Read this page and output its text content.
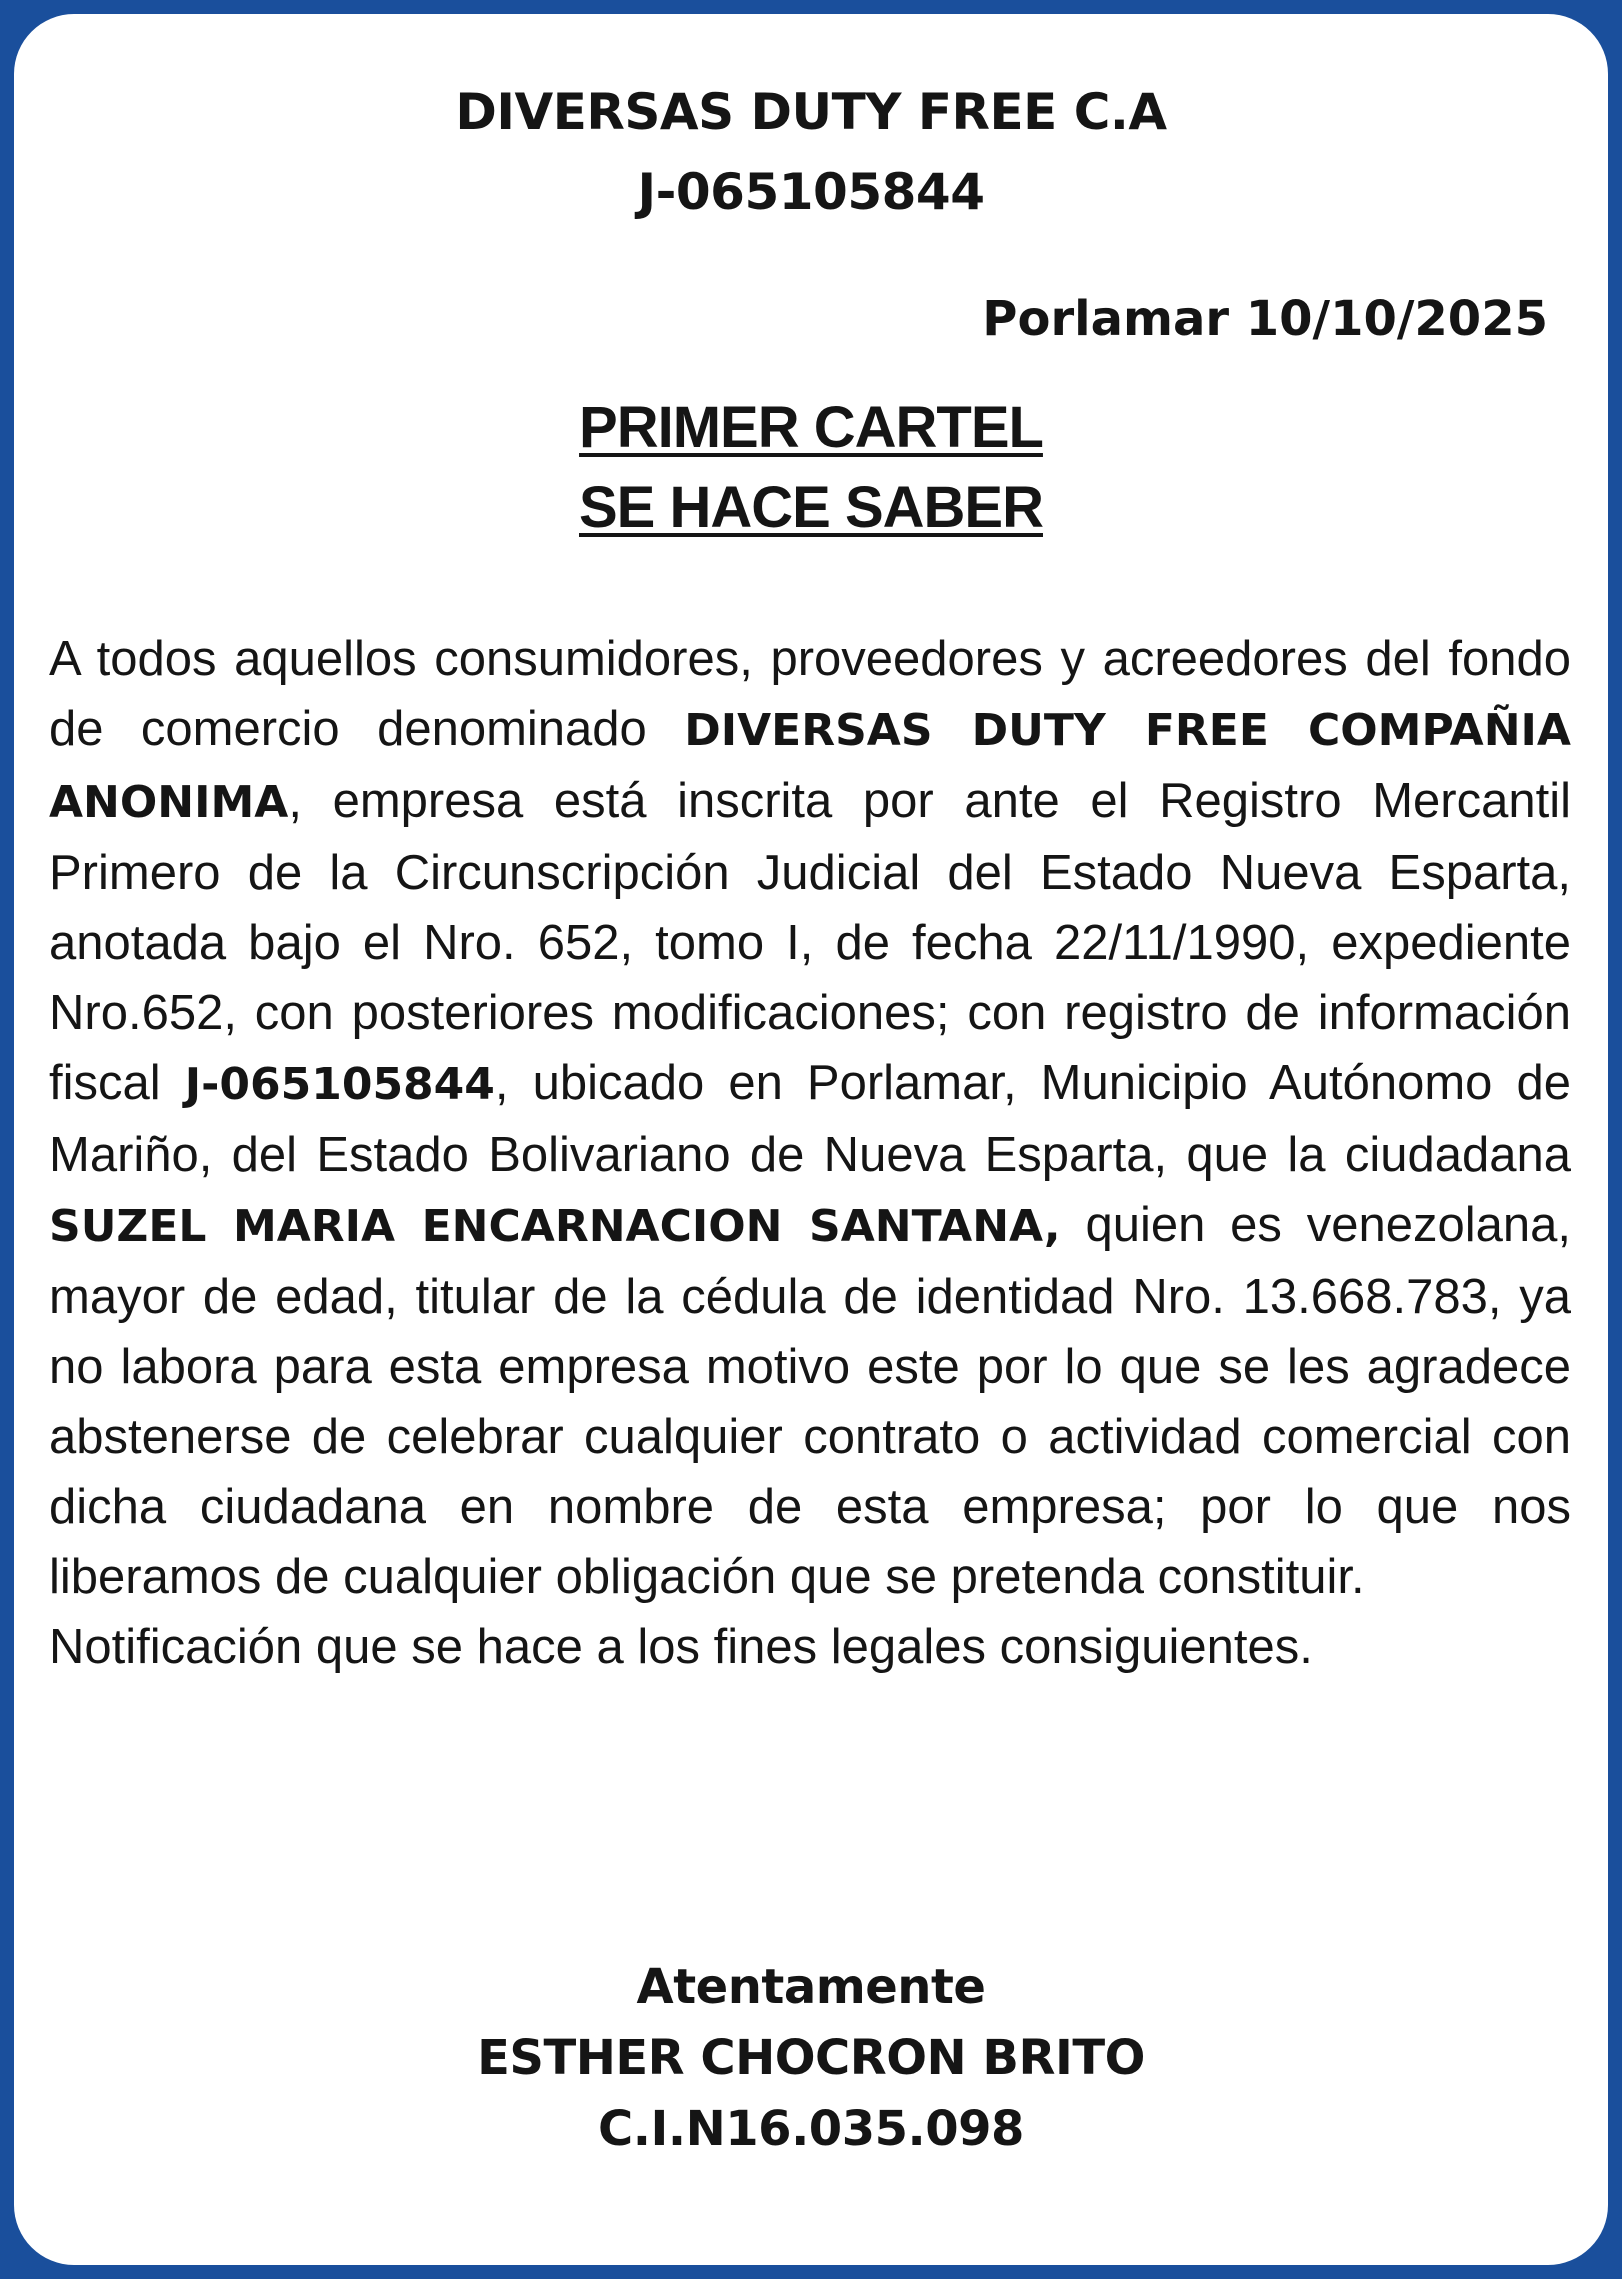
DIVERSAS DUTY FREE C.A
J-065105844
Porlamar 10/10/2025
PRIMER CARTEL
SE HACE SABER

A todos aquellos consumidores, proveedores y acreedores del fondo de comercio denominado DIVERSAS DUTY FREE COMPAÑIA ANONIMA, empresa está inscrita por ante el Registro Mercantil Primero de la Circunscripción Judicial del Estado Nueva Esparta, anotada bajo el Nro. 652, tomo I, de fecha 22/11/1990, expediente Nro.652, con posteriores modificaciones; con registro de información fiscal J-065105844, ubicado en Porlamar, Municipio Autónomo de Mariño, del Estado Bolivariano de Nueva Esparta, que la ciudadana SUZEL MARIA ENCARNACION SANTANA, quien es venezolana, mayor de edad, titular de la cédula de identidad Nro. 13.668.783, ya no labora para esta empresa motivo este por lo que se les agradece abstenerse de celebrar cualquier contrato o actividad comercial con dicha ciudadana en nombre de esta empresa; por lo que nos liberamos de cualquier obligación que se pretenda constituir.

Notificación que se hace a los fines legales consiguientes.

Atentamente
ESTHER CHOCRON BRITO
C.I.N16.035.098
